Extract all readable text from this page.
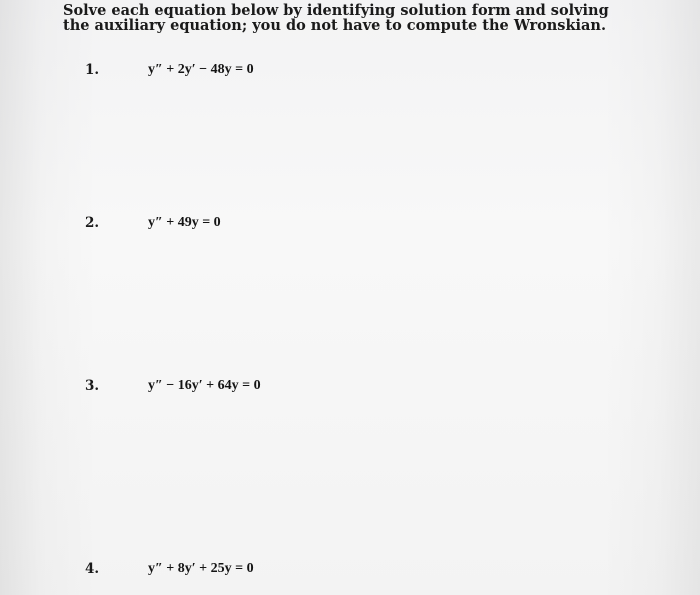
Solve each equation below by identifying solution form and solving the auxiliary equation; you do not have to compute the Wronskian.

1.	y″ + 2y′ − 48y = 0
2.	y″ + 49y = 0
3.	y″ − 16y′ + 64y = 0
4.	y″ + 8y′ + 25y = 0
